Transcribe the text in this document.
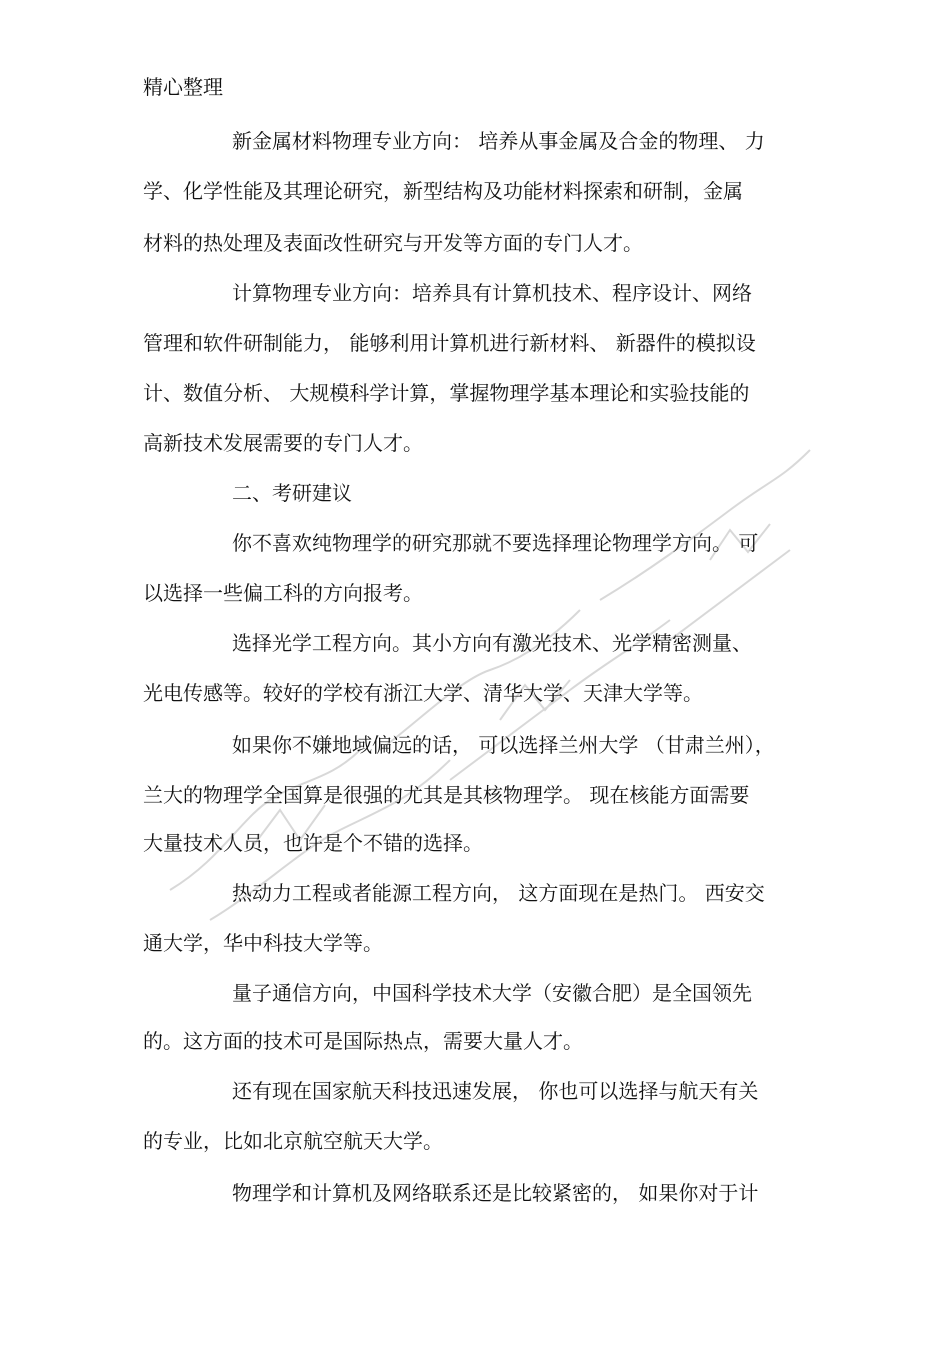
精心整理
新金属材料物理专业方向： 培养从事金属及合金的物理、 力
学、化学性能及其理论研究，新型结构及功能材料探索和研制，金属
材料的热处理及表面改性研究与开发等方面的专门人才。
计算物理专业方向：培养具有计算机技术、程序设计、网络
管理和软件研制能力， 能够利用计算机进行新材料、 新器件的模拟设
计、数值分析、 大规模科学计算，掌握物理学基本理论和实验技能的
高新技术发展需要的专门人才。
二、考研建议
你不喜欢纯物理学的研究那就不要选择理论物理学方向。 可
以选择一些偏工科的方向报考。
选择光学工程方向。其小方向有激光技术、光学精密测量、
光电传感等。较好的学校有浙江大学、清华大学、天津大学等。
如果你不嫌地域偏远的话， 可以选择兰州大学 （甘肃兰州），
兰大的物理学全国算是很强的尤其是其核物理学。 现在核能方面需要
大量技术人员，也许是个不错的选择。
热动力工程或者能源工程方向， 这方面现在是热门。 西安交
通大学，华中科技大学等。
量子通信方向，中国科学技术大学（安徽合肥）是全国领先
的。这方面的技术可是国际热点，需要大量人才。
还有现在国家航天科技迅速发展， 你也可以选择与航天有关
的专业，比如北京航空航天大学。
物理学和计算机及网络联系还是比较紧密的， 如果你对于计
